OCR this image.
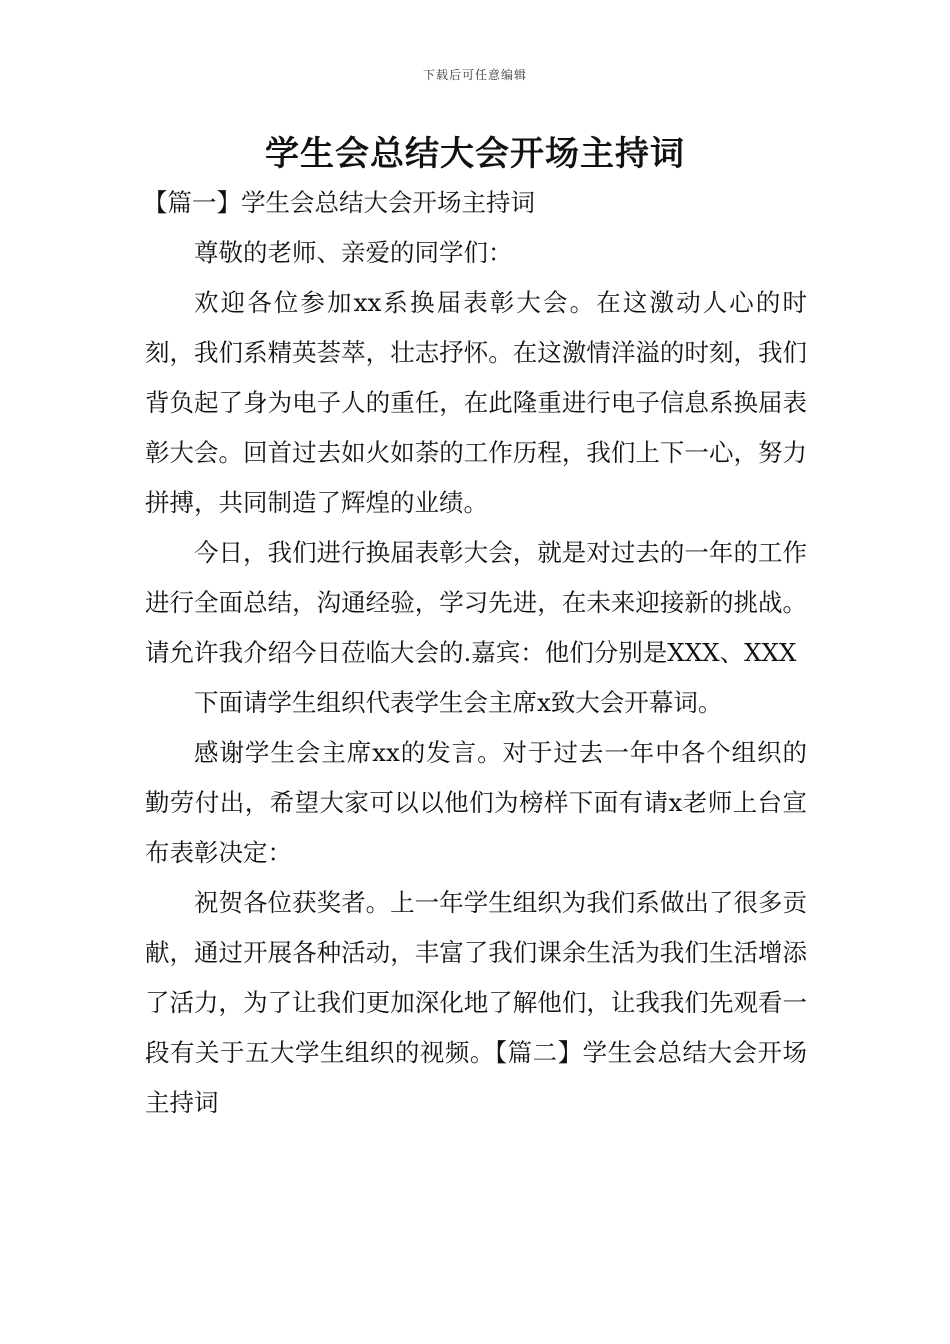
下载后可任意编辑
学生会总结大会开场主持词

【篇一】学生会总结大会开场主持词

尊敬的老师、亲爱的同学们：

欢迎各位参加xx系换届表彰大会。在这激动人心的时刻，我们系精英荟萃，壮志抒怀。在这激情洋溢的时刻，我们背负起了身为电子人的重任，在此隆重进行电子信息系换届表彰大会。回首过去如火如荼的工作历程，我们上下一心，努力拼搏，共同制造了辉煌的业绩。

今日，我们进行换届表彰大会，就是对过去的一年的工作进行全面总结，沟通经验，学习先进，在未来迎接新的挑战。请允许我介绍今日莅临大会的.嘉宾：他们分别是XXX、XXX

下面请学生组织代表学生会主席x致大会开幕词。

感谢学生会主席xx的发言。对于过去一年中各个组织的勤劳付出，希望大家可以以他们为榜样下面有请x老师上台宣布表彰决定：

祝贺各位获奖者。上一年学生组织为我们系做出了很多贡献，通过开展各种活动，丰富了我们课余生活为我们生活增添了活力，为了让我们更加深化地了解他们，让我我们先观看一段有关于五大学生组织的视频。【篇二】学生会总结大会开场主持词
